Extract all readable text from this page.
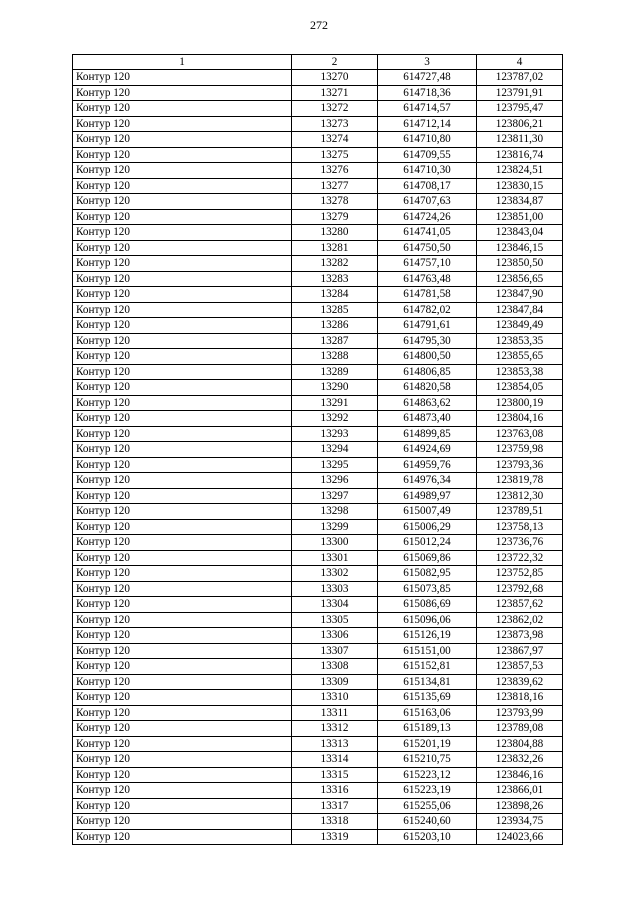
272
1	2	3	4
Контур 120	13270	614727,48	123787,02
Контур 120	13271	614718,36	123791,91
Контур 120	13272	614714,57	123795,47
Контур 120	13273	614712,14	123806,21
Контур 120	13274	614710,80	123811,30
Контур 120	13275	614709,55	123816,74
Контур 120	13276	614710,30	123824,51
Контур 120	13277	614708,17	123830,15
Контур 120	13278	614707,63	123834,87
Контур 120	13279	614724,26	123851,00
Контур 120	13280	614741,05	123843,04
Контур 120	13281	614750,50	123846,15
Контур 120	13282	614757,10	123850,50
Контур 120	13283	614763,48	123856,65
Контур 120	13284	614781,58	123847,90
Контур 120	13285	614782,02	123847,84
Контур 120	13286	614791,61	123849,49
Контур 120	13287	614795,30	123853,35
Контур 120	13288	614800,50	123855,65
Контур 120	13289	614806,85	123853,38
Контур 120	13290	614820,58	123854,05
Контур 120	13291	614863,62	123800,19
Контур 120	13292	614873,40	123804,16
Контур 120	13293	614899,85	123763,08
Контур 120	13294	614924,69	123759,98
Контур 120	13295	614959,76	123793,36
Контур 120	13296	614976,34	123819,78
Контур 120	13297	614989,97	123812,30
Контур 120	13298	615007,49	123789,51
Контур 120	13299	615006,29	123758,13
Контур 120	13300	615012,24	123736,76
Контур 120	13301	615069,86	123722,32
Контур 120	13302	615082,95	123752,85
Контур 120	13303	615073,85	123792,68
Контур 120	13304	615086,69	123857,62
Контур 120	13305	615096,06	123862,02
Контур 120	13306	615126,19	123873,98
Контур 120	13307	615151,00	123867,97
Контур 120	13308	615152,81	123857,53
Контур 120	13309	615134,81	123839,62
Контур 120	13310	615135,69	123818,16
Контур 120	13311	615163,06	123793,99
Контур 120	13312	615189,13	123789,08
Контур 120	13313	615201,19	123804,88
Контур 120	13314	615210,75	123832,26
Контур 120	13315	615223,12	123846,16
Контур 120	13316	615223,19	123866,01
Контур 120	13317	615255,06	123898,26
Контур 120	13318	615240,60	123934,75
Контур 120	13319	615203,10	124023,66
